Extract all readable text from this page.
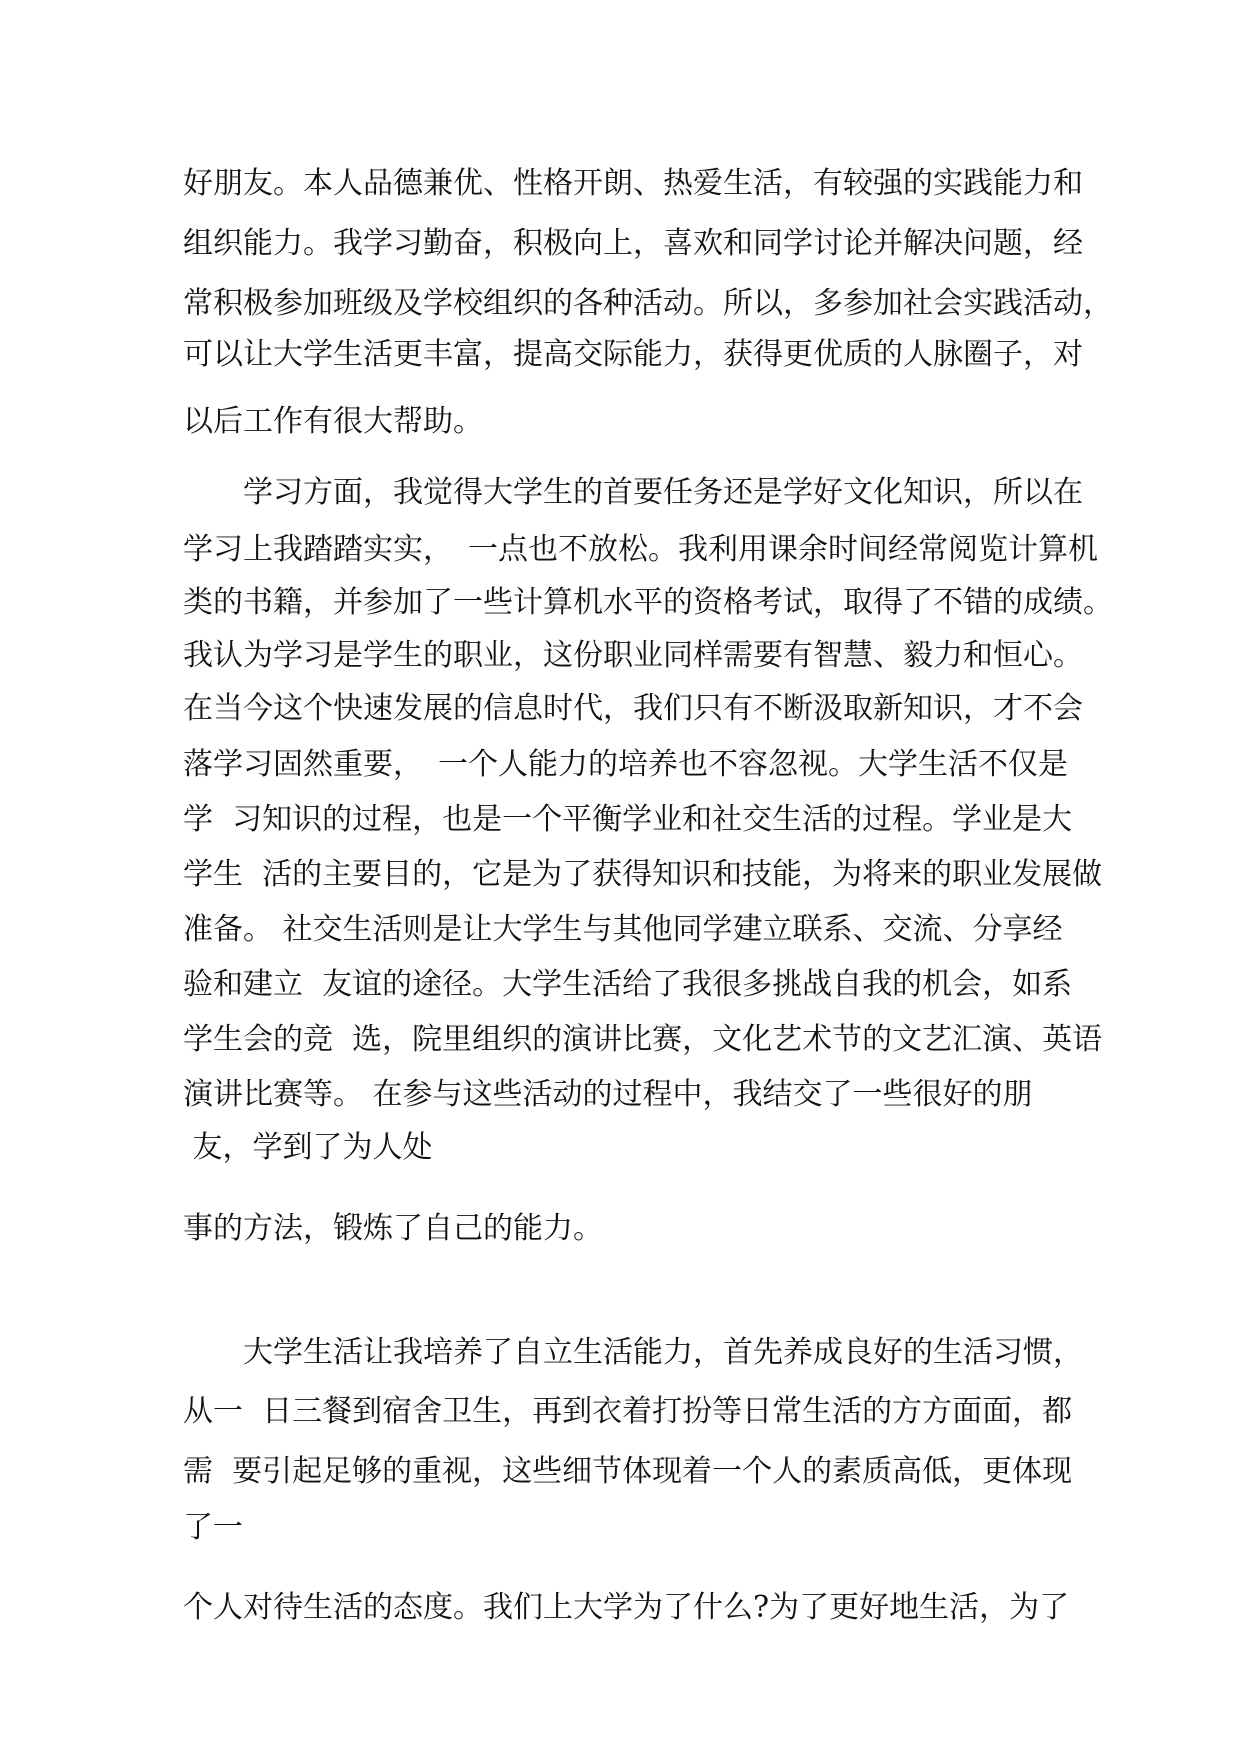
好朋友。本人品德兼优、性格开朗、热爱生活，有较强的实践能力和
组织能力。我学习勤奋，积极向上，喜欢和同学讨论并解决问题，经
常积极参加班级及学校组织的各种活动。所以，多参加社会实践活动，
可以让大学生活更丰富，提高交际能力，获得更优质的人脉圈子，对
以后工作有很大帮助。
　　学习方面，我觉得大学生的首要任务还是学好文化知识，所以在
学习上我踏踏实实，　一点也不放松。我利用课余时间经常阅览计算机
类的书籍，并参加了一些计算机水平的资格考试，取得了不错的成绩。
我认为学习是学生的职业，这份职业同样需要有智慧、毅力和恒心。
在当今这个快速发展的信息时代，我们只有不断汲取新知识，才不会
落学习固然重要，　一个人能力的培养也不容忽视。大学生活不仅是
学  习知识的过程，也是一个平衡学业和社交生活的过程。学业是大
学生  活的主要目的，它是为了获得知识和技能，为将来的职业发展做
准备。 社交生活则是让大学生与其他同学建立联系、交流、分享经
验和建立  友谊的途径。大学生活给了我很多挑战自我的机会，如系
学生会的竞  选，院里组织的演讲比赛，文化艺术节的文艺汇演、英语
演讲比赛等。 在参与这些活动的过程中，我结交了一些很好的朋
友，学到了为人处
事的方法，锻炼了自己的能力。
　　大学生活让我培养了自立生活能力，首先养成良好的生活习惯，
从一  日三餐到宿舍卫生，再到衣着打扮等日常生活的方方面面，都
需  要引起足够的重视，这些细节体现着一个人的素质高低，更体现
了一
个人对待生活的态度。我们上大学为了什么?为了更好地生活，为了
